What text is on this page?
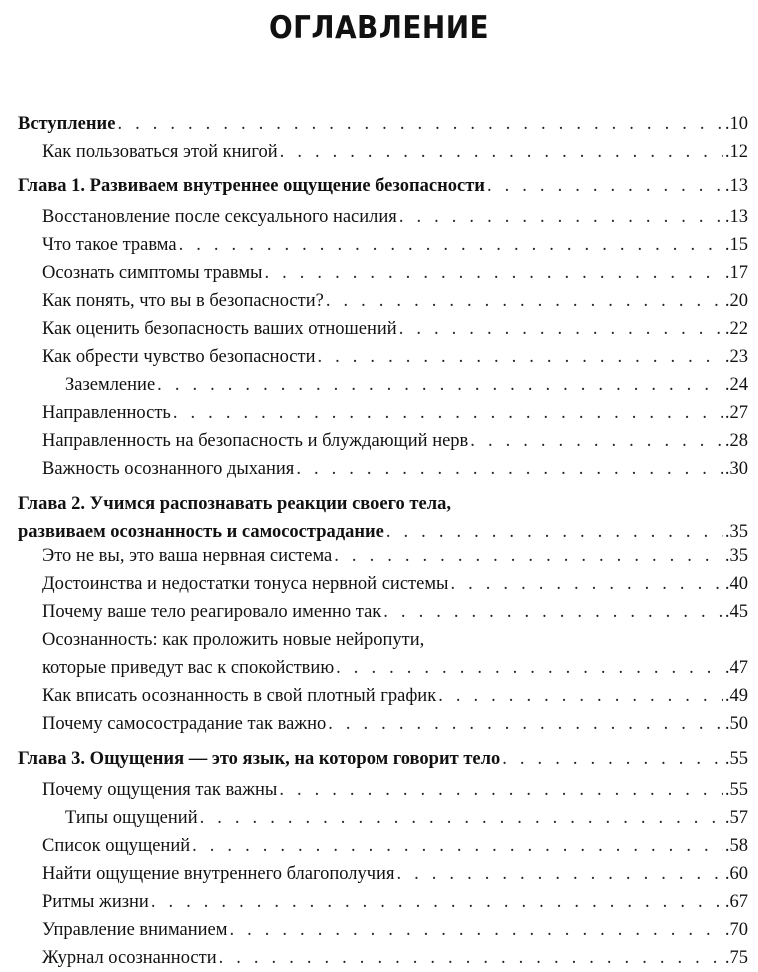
ОГЛАВЛЕНИЕ
Вступление . . .	.10
Как пользоваться этой книгой . . .	.12
Глава 1. Развиваем внутреннее ощущение безопасности . . .	.13
Восстановление после сексуального насилия . . .	.13
Что такое травма . . .	.15
Осознать симптомы травмы . . .	.17
Как понять, что вы в безопасности? . . .	.20
Как оценить безопасность ваших отношений . . .	.22
Как обрести чувство безопасности . . .	.23
Заземление . . .	.24
Направленность . . .	.27
Направленность на безопасность и блуждающий нерв . . .	.28
Важность осознанного дыхания . . .	.30
Глава 2. Учимся распознавать реакции своего тела,
развиваем осознанность и самосострадание . . .	.35
Это не вы, это ваша нервная система . . .	.35
Достоинства и недостатки тонуса нервной системы . . .	.40
Почему ваше тело реагировало именно так . . .	.45
Осознанность: как проложить новые нейропути,
которые приведут вас к спокойствию . . .	.47
Как вписать осознанность в свой плотный график . . .	.49
Почему самосострадание так важно . . .	.50
Глава 3. Ощущения — это язык, на котором говорит тело . . .	.55
Почему ощущения так важны . . .	.55
Типы ощущений . . .	.57
Список ощущений . . .	.58
Найти ощущение внутреннего благополучия . . .	.60
Ритмы жизни . . .	.67
Управление вниманием . . .	.70
Журнал осознанности . . .	.75
